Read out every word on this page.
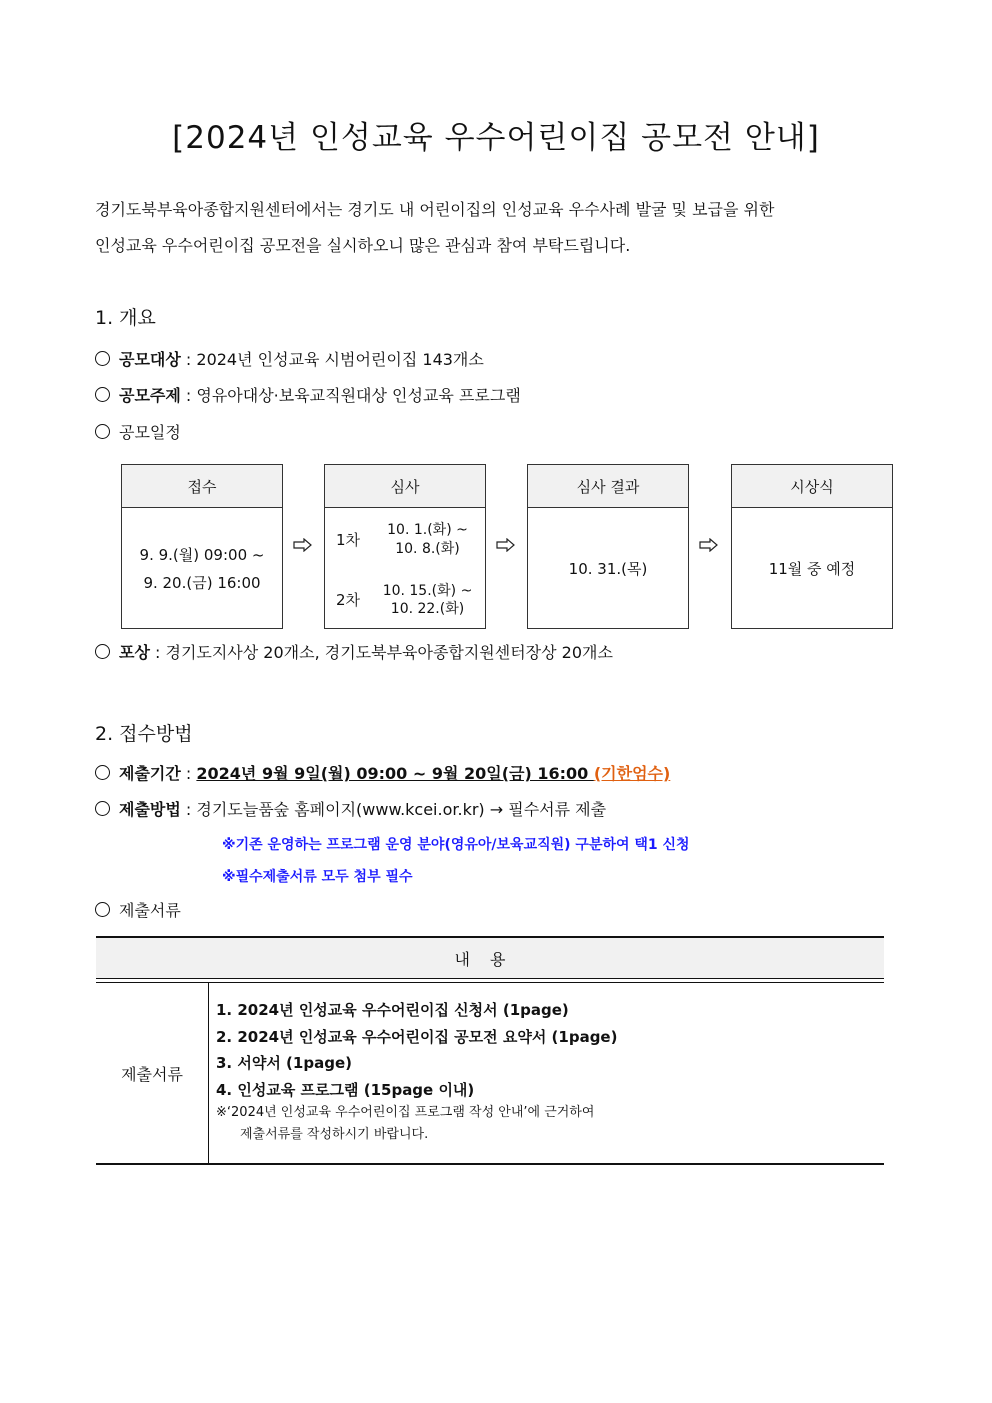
[2024년 인성교육 우수어린이집 공모전 안내]
경기도북부육아종합지원센터에서는 경기도 내 어린이집의 인성교육 우수사례 발굴 및 보급을 위한
인성교육 우수어린이집 공모전을 실시하오니 많은 관심과 참여 부탁드립니다.
1. 개요
공모대상 : 2024년 인성교육 시범어린이집 143개소
공모주제 : 영유아대상·보육교직원대상 인성교육 프로그램
공모일정
접수
9. 9.(월) 09:00 ~
9. 20.(금) 16:00
심사
1차
10. 1.(화) ~
10. 8.(화)
2차	10. 15.(화) ~
10. 22.(화)
심사 결과
10. 31.(목)
시상식
11월 중 예정
포상 : 경기도지사상 20개소, 경기도북부육아종합지원센터장상 20개소
2. 접수방법
제출기간 : 2024년 9월 9일(월) 09:00 ~ 9월 20일(금) 16:00 (기한엄수)
제출방법 : 경기도늘품숲 홈페이지(www.kcei.or.kr) → 필수서류 제출
※기존 운영하는 프로그램 운영 분야(영유아/보육교직원) 구분하여 택1 신청
※필수제출서류 모두 첨부 필수
제출서류
내용
제출서류
1. 2024년 인성교육 우수어린이집 신청서 (1page)
2. 2024년 인성교육 우수어린이집 공모전 요약서 (1page)
3. 서약서 (1page)
4. 인성교육 프로그램 (15page 이내)
※‘2024년 인성교육 우수어린이집 프로그램 작성 안내’에 근거하여
제출서류를 작성하시기 바랍니다.
